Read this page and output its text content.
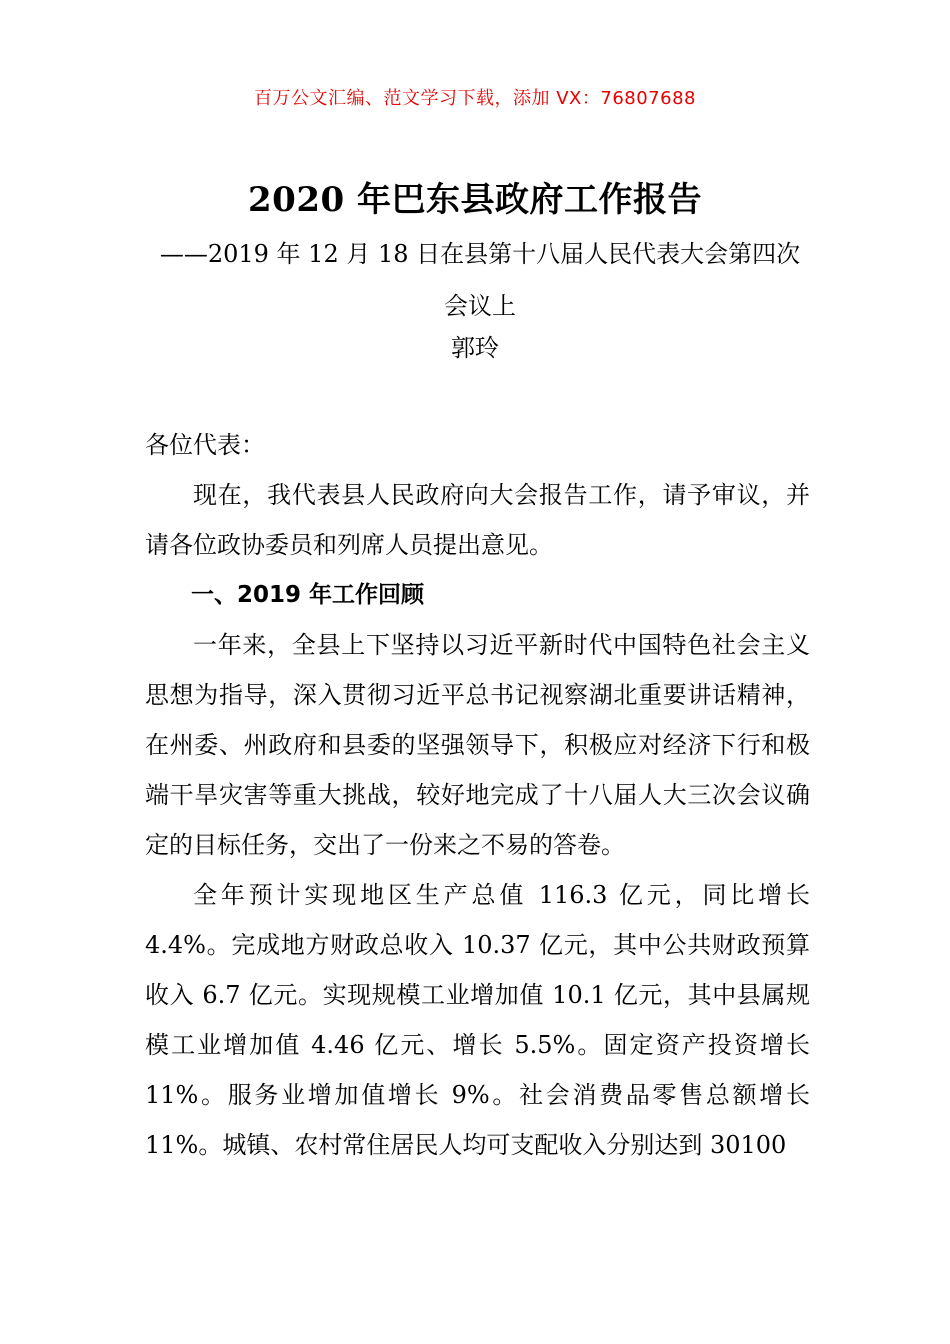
百万公文汇编、范文学习下载，添加 VX：76807688
2020 年巴东县政府工作报告
——2019 年 12 月 18 日在县第十八届人民代表大会第四次会议上
郭玲

各位代表：

现在，我代表县人民政府向大会报告工作，请予审议，并请各位政协委员和列席人员提出意见。

一、2019 年工作回顾

一年来，全县上下坚持以习近平新时代中国特色社会主义思想为指导，深入贯彻习近平总书记视察湖北重要讲话精神，在州委、州政府和县委的坚强领导下，积极应对经济下行和极端干旱灾害等重大挑战，较好地完成了十八届人大三次会议确定的目标任务，交出了一份来之不易的答卷。

全年预计实现地区生产总值 116.3 亿元，同比增长 4.4%。完成地方财政总收入 10.37 亿元，其中公共财政预算收入 6.7 亿元。实现规模工业增加值 10.1 亿元，其中县属规模工业增加值 4.46 亿元、增长 5.5%。固定资产投资增长 11%。服务业增加值增长 9%。社会消费品零售总额增长 11%。城镇、农村常住居民人均可支配收入分别达到 30100
